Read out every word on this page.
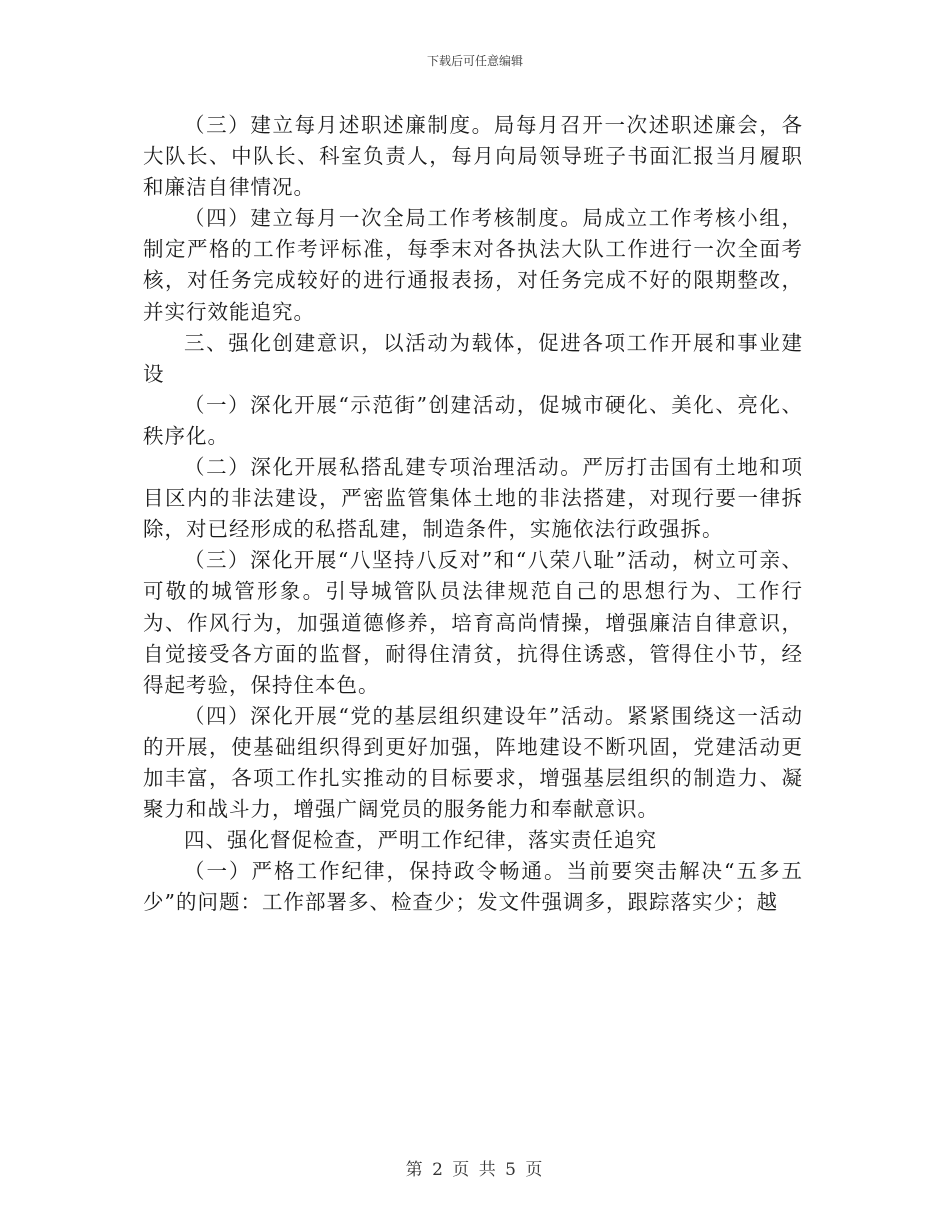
下载后可任意编辑

（三）建立每月述职述廉制度。局每月召开一次述职述廉会，各大队长、中队长、科室负责人，每月向局领导班子书面汇报当月履职和廉洁自律情况。

（四）建立每月一次全局工作考核制度。局成立工作考核小组，制定严格的工作考评标准，每季末对各执法大队工作进行一次全面考核，对任务完成较好的进行通报表扬，对任务完成不好的限期整改，并实行效能追究。

三、强化创建意识，以活动为载体，促进各项工作开展和事业建设

（一）深化开展“示范街”创建活动，促城市硬化、美化、亮化、秩序化。

（二）深化开展私搭乱建专项治理活动。严厉打击国有土地和项目区内的非法建设，严密监管集体土地的非法搭建，对现行要一律拆除，对已经形成的私搭乱建，制造条件，实施依法行政强拆。

（三）深化开展“八坚持八反对”和“八荣八耻”活动，树立可亲、可敬的城管形象。引导城管队员法律规范自己的思想行为、工作行为、作风行为，加强道德修养，培育高尚情操，增强廉洁自律意识，自觉接受各方面的监督，耐得住清贫，抗得住诱惑，管得住小节，经得起考验，保持住本色。

（四）深化开展“党的基层组织建设年”活动。紧紧围绕这一活动的开展，使基础组织得到更好加强，阵地建设不断巩固，党建活动更加丰富，各项工作扎实推动的目标要求，增强基层组织的制造力、凝聚力和战斗力，增强广阔党员的服务能力和奉献意识。

四、强化督促检查，严明工作纪律，落实责任追究

（一）严格工作纪律，保持政令畅通。当前要突击解决“五多五少”的问题：工作部署多、检查少；发文件强调多，跟踪落实少；越

第 2 页 共 5 页
